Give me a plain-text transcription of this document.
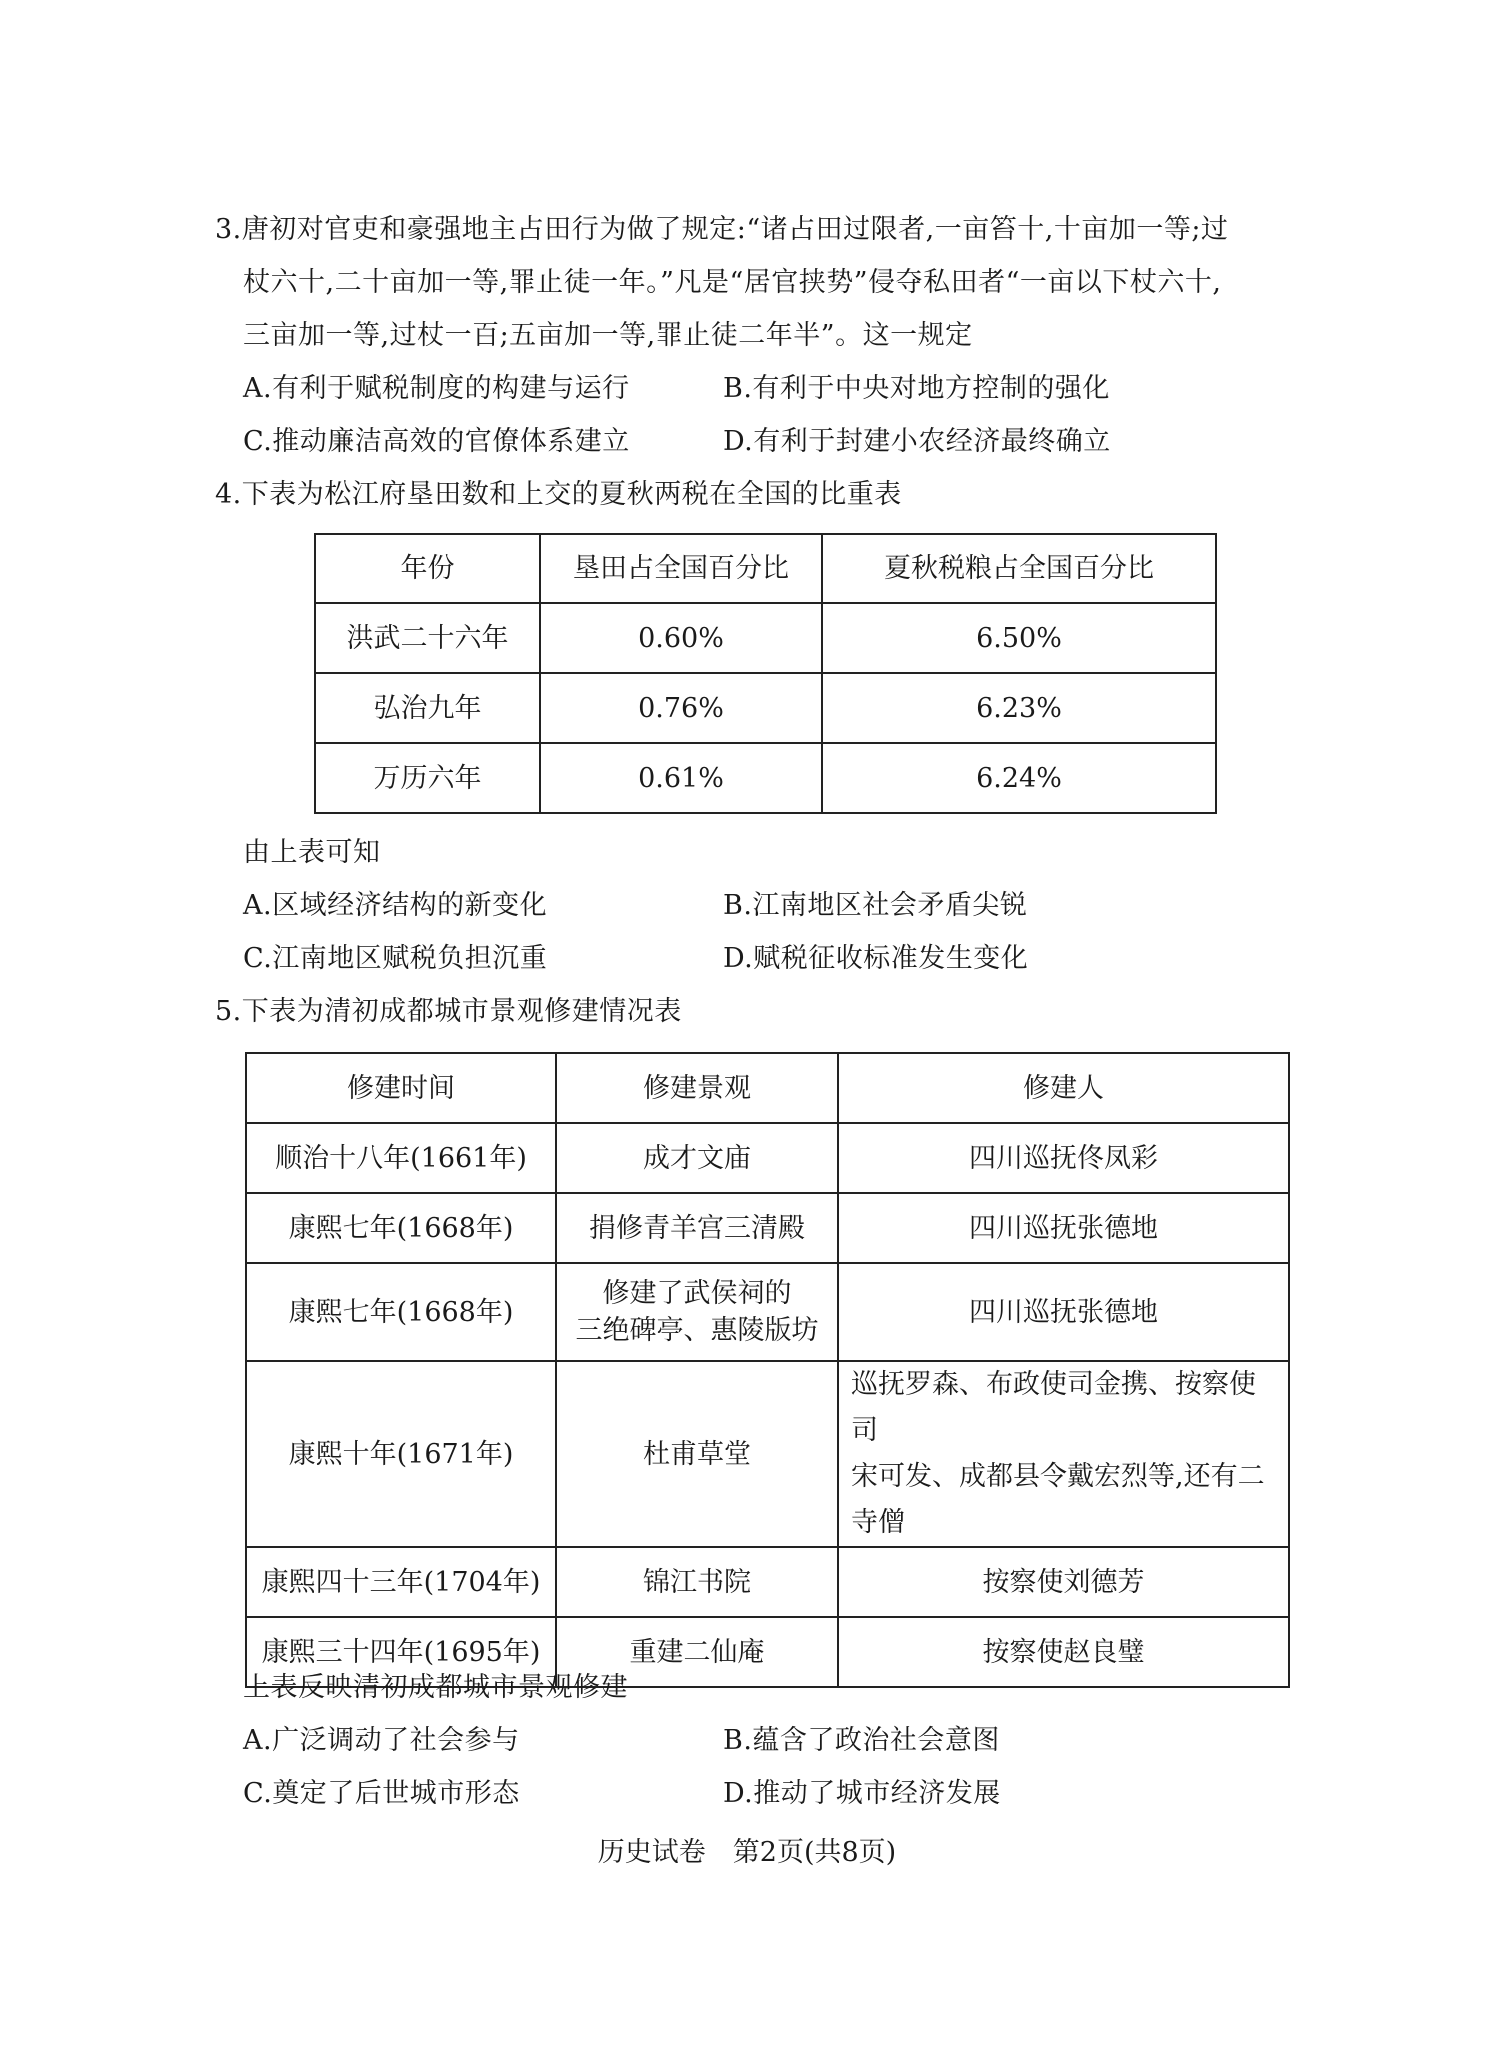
3.唐初对官吏和豪强地主占田行为做了规定:“诸占田过限者,一亩笞十,十亩加一等;过
杖六十,二十亩加一等,罪止徒一年。”凡是“居官挟势”侵夺私田者“一亩以下杖六十,
三亩加一等,过杖一百;五亩加一等,罪止徒二年半”。这一规定
A.有利于赋税制度的构建与运行	B.有利于中央对地方控制的强化
C.推动廉洁高效的官僚体系建立	D.有利于封建小农经济最终确立
4.下表为松江府垦田数和上交的夏秋两税在全国的比重表
年份	垦田占全国百分比	夏秋税粮占全国百分比
洪武二十六年	0.60%	6.50%
弘治九年	0.76%	6.23%
万历六年	0.61%	6.24%
由上表可知
A.区域经济结构的新变化	B.江南地区社会矛盾尖锐
C.江南地区赋税负担沉重	D.赋税征收标准发生变化
5.下表为清初成都城市景观修建情况表
修建时间	修建景观	修建人
顺治十八年(1661年)	成才文庙	四川巡抚佟凤彩
康熙七年(1668年)	捐修青羊宫三清殿	四川巡抚张德地
康熙七年(1668年)	修建了武侯祠的
三绝碑亭、惠陵版坊	四川巡抚张德地
康熙十年(1671年)	杜甫草堂	巡抚罗森、布政使司金携、按察使司
宋可发、成都县令戴宏烈等,还有二
寺僧
康熙四十三年(1704年)	锦江书院	按察使刘德芳
康熙三十四年(1695年)	重建二仙庵	按察使赵良璧
上表反映清初成都城市景观修建
A.广泛调动了社会参与	B.蕴含了政治社会意图
C.奠定了后世城市形态	D.推动了城市经济发展
历史试卷　第2页(共8页)
